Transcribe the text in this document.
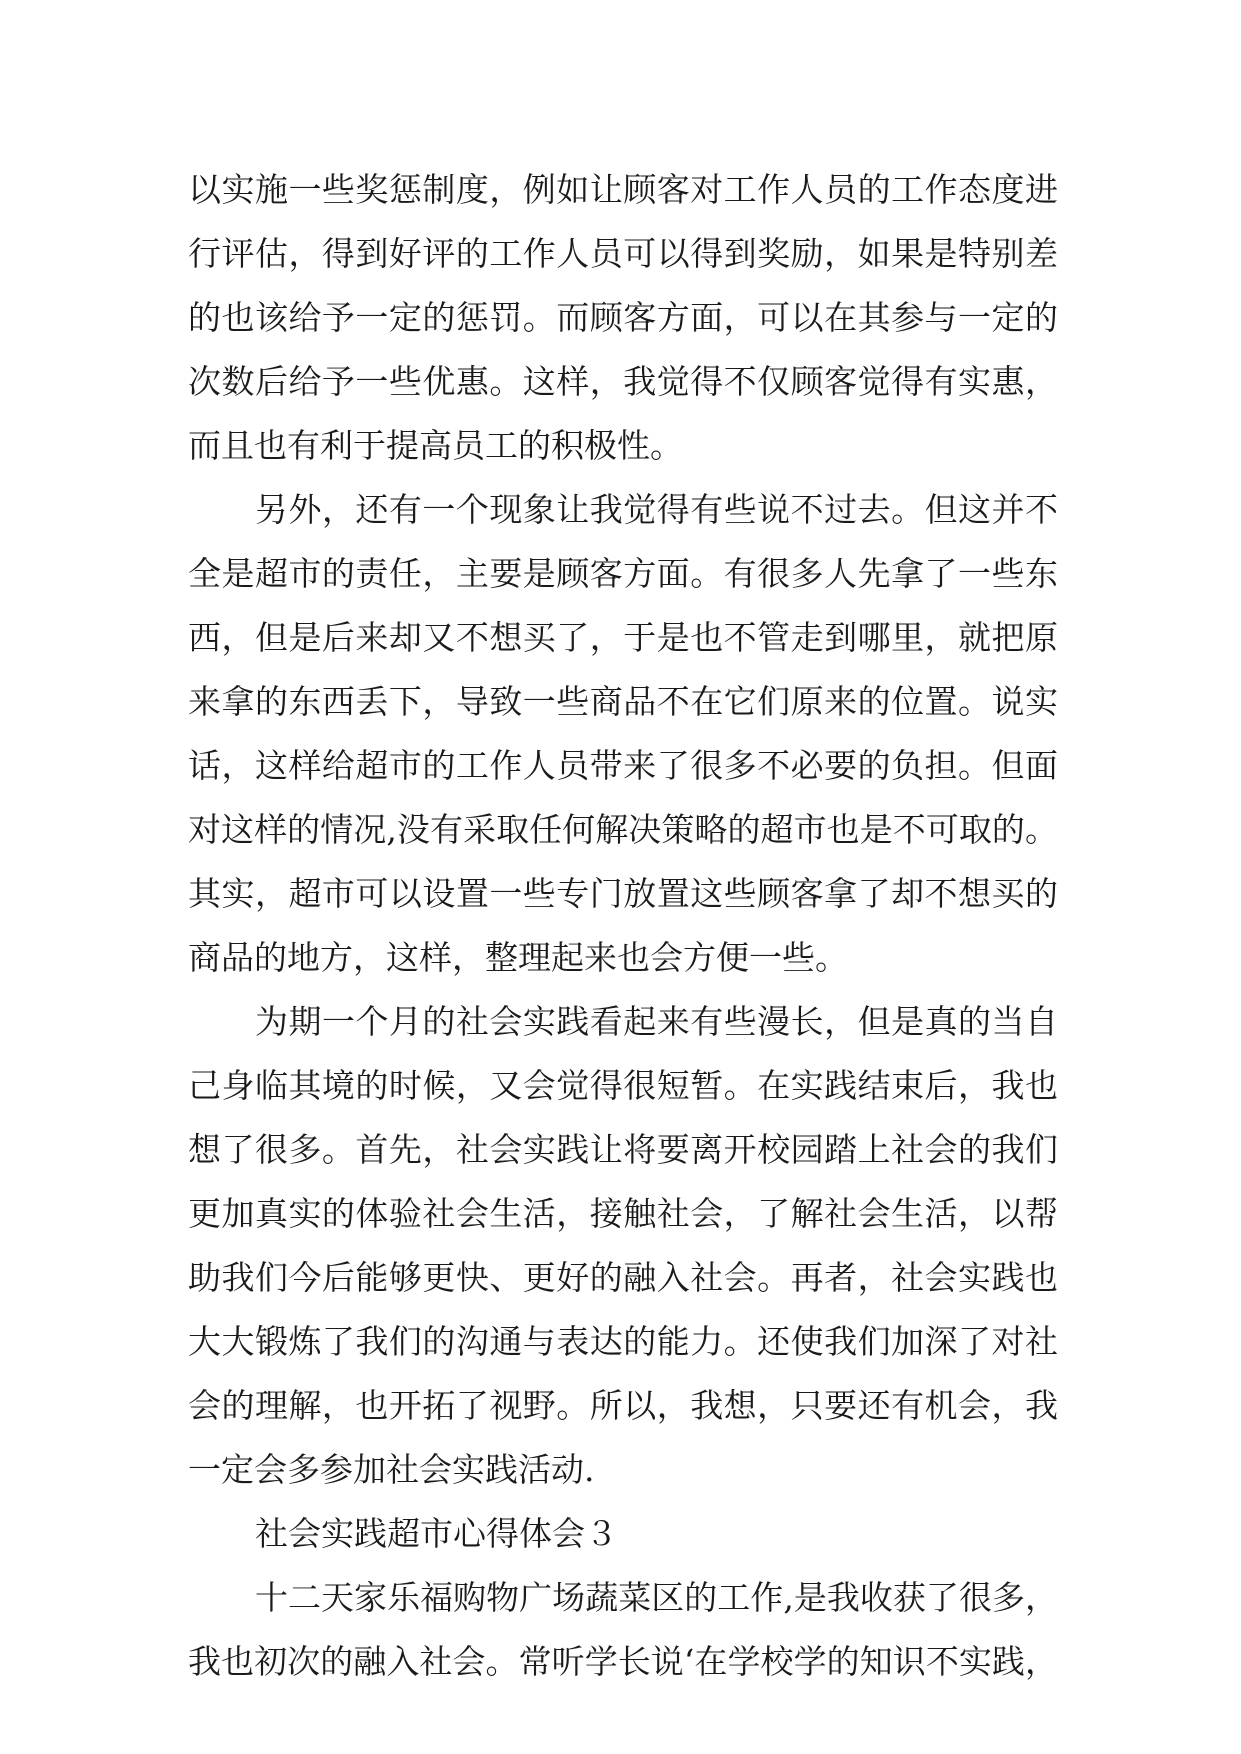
以实施一些奖惩制度，例如让顾客对工作人员的工作态度进
行评估，得到好评的工作人员可以得到奖励，如果是特别差
的也该给予一定的惩罚。而顾客方面，可以在其参与一定的
次数后给予一些优惠。这样，我觉得不仅顾客觉得有实惠，
而且也有利于提高员工的积极性。
另外，还有一个现象让我觉得有些说不过去。但这并不
全是超市的责任，主要是顾客方面。有很多人先拿了一些东
西，但是后来却又不想买了，于是也不管走到哪里，就把原
来拿的东西丢下，导致一些商品不在它们原来的位置。说实
话，这样给超市的工作人员带来了很多不必要的负担。但面
对这样的情况,没有采取任何解决策略的超市也是不可取的。
其实，超市可以设置一些专门放置这些顾客拿了却不想买的
商品的地方，这样，整理起来也会方便一些。
为期一个月的社会实践看起来有些漫长，但是真的当自
己身临其境的时候，又会觉得很短暂。在实践结束后，我也
想了很多。首先，社会实践让将要离开校园踏上社会的我们
更加真实的体验社会生活，接触社会，了解社会生活，以帮
助我们今后能够更快、更好的融入社会。再者，社会实践也
大大锻炼了我们的沟通与表达的能力。还使我们加深了对社
会的理解，也开拓了视野。所以，我想，只要还有机会，我
一定会多参加社会实践活动.
社会实践超市心得体会３
十二天家乐福购物广场蔬菜区的工作,是我收获了很多，
我也初次的融入社会。常听学长说‘在学校学的知识不实践，
